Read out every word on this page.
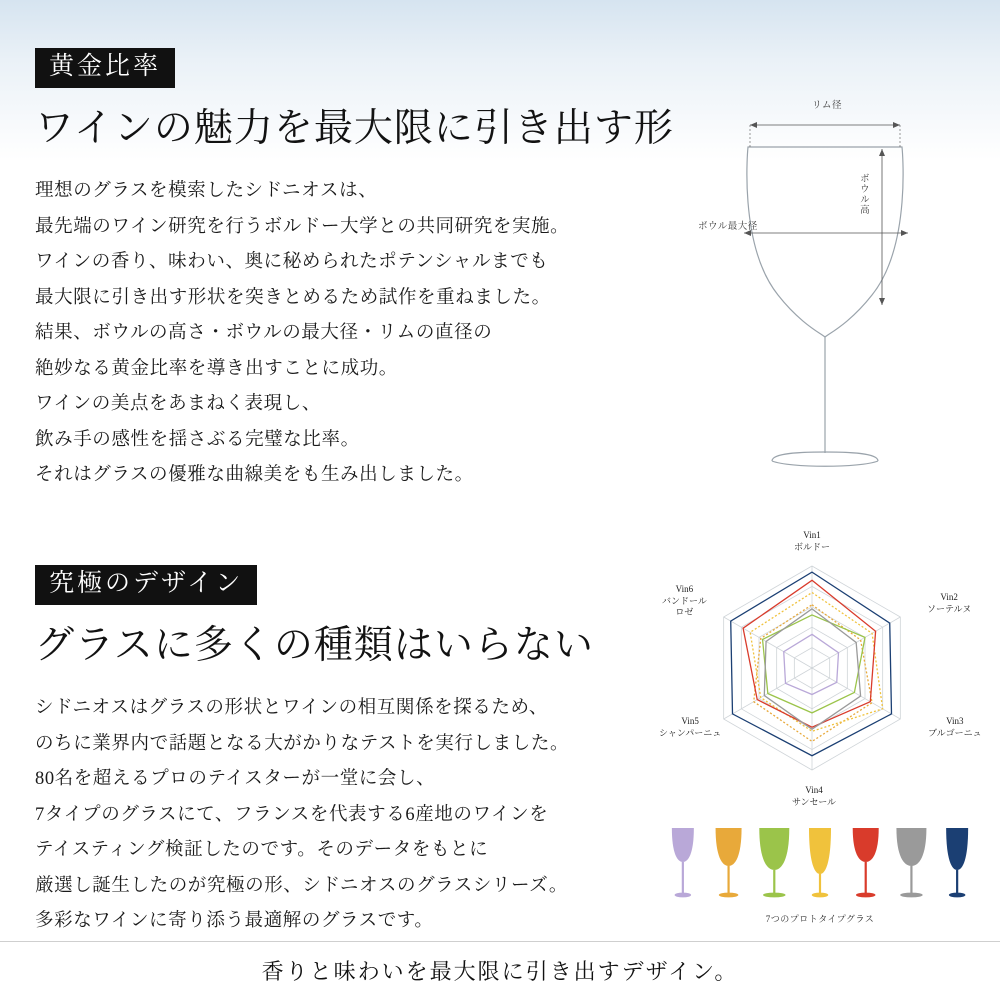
黄金比率
ワインの魅力を最大限に引き出す形
理想のグラスを模索したシドニオスは、
最先端のワイン研究を行うボルドー大学との共同研究を実施。
ワインの香り、味わい、奥に秘められたポテンシャルまでも
最大限に引き出す形状を突きとめるため試作を重ねました。
結果、ボウルの高さ・ボウルの最大径・リムの直径の
絶妙なる黄金比率を導き出すことに成功。
ワインの美点をあまねく表現し、
飲み手の感性を揺さぶる完璧な比率。
それはグラスの優雅な曲線美をも生み出しました。
リム径
ボウル高
ボウル最大径
究極のデザイン
グラスに多くの種類はいらない
シドニオスはグラスの形状とワインの相互関係を探るため、
のちに業界内で話題となる大がかりなテストを実行しました。
80名を超えるプロのテイスターが一堂に会し、
7タイプのグラスにて、フランスを代表する6産地のワインを
テイスティング検証したのです。そのデータをもとに
厳選し誕生したのが究極の形、シドニオスのグラスシリーズ。
多彩なワインに寄り添う最適解のグラスです。
Vin1
ボルドー
Vin2
ソーテルヌ
Vin3
ブルゴーニュ
Vin4
サンセール
Vin5
シャンパーニュ
Vin6
バンドール
ロゼ
7つのプロトタイプグラス
香りと味わいを最大限に引き出すデザイン。
